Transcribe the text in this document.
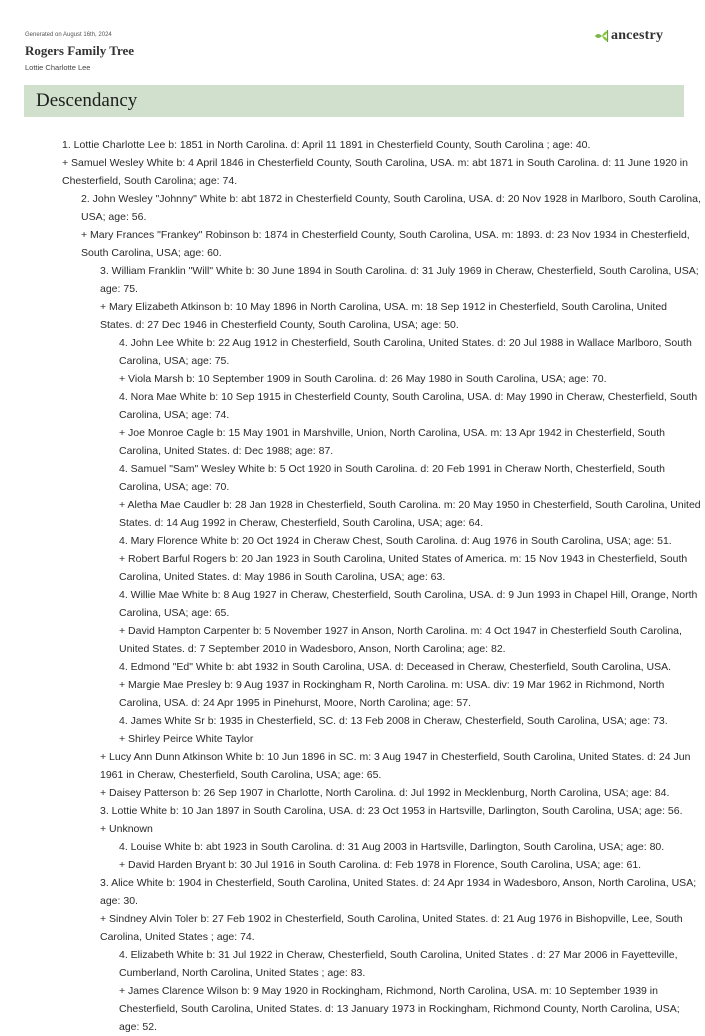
Generated on August 16th, 2024
Rogers Family Tree
Lottie Charlotte Lee
ancestry
Descendancy
1. Lottie Charlotte Lee b: 1851 in North Carolina. d: April 11 1891 in Chesterfield County, South Carolina ; age: 40.
+ Samuel Wesley White b: 4 April 1846 in Chesterfield County, South Carolina, USA. m: abt 1871 in South Carolina. d: 11 June 1920 in Chesterfield, South Carolina; age: 74.
2. John Wesley "Johnny" White b: abt 1872 in Chesterfield County, South Carolina, USA. d: 20 Nov 1928 in Marlboro, South Carolina, USA; age: 56.
+ Mary Frances "Frankey" Robinson b: 1874 in Chesterfield County, South Carolina, USA. m: 1893. d: 23 Nov 1934 in Chesterfield, South Carolina, USA; age: 60.
3. William Franklin "Will" White b: 30 June 1894 in South Carolina. d: 31 July 1969 in Cheraw, Chesterfield, South Carolina, USA; age: 75.
+ Mary Elizabeth Atkinson b: 10 May 1896 in North Carolina, USA. m: 18 Sep 1912 in Chesterfield, South Carolina, United States. d: 27 Dec 1946 in Chesterfield County, South Carolina, USA; age: 50.
4. John Lee White b: 22 Aug 1912 in Chesterfield, South Carolina, United States. d: 20 Jul 1988 in Wallace Marlboro, South Carolina, USA; age: 75.
+ Viola Marsh b: 10 September 1909 in South Carolina. d: 26 May 1980 in South Carolina, USA; age: 70.
4. Nora Mae White b: 10 Sep 1915 in Chesterfield County, South Carolina, USA. d: May 1990 in Cheraw, Chesterfield, South Carolina, USA; age: 74.
+ Joe Monroe Cagle b: 15 May 1901 in Marshville, Union, North Carolina, USA. m: 13 Apr 1942 in Chesterfield, South Carolina, United States. d: Dec 1988; age: 87.
4. Samuel "Sam" Wesley White b: 5 Oct 1920 in South Carolina. d: 20 Feb 1991 in Cheraw North, Chesterfield, South Carolina, USA; age: 70.
+ Aletha Mae Caudler b: 28 Jan 1928 in Chesterfield, South Carolina. m: 20 May 1950 in Chesterfield, South Carolina, United States. d: 14 Aug 1992 in Cheraw, Chesterfield, South Carolina, USA; age: 64.
4. Mary Florence White b: 20 Oct 1924 in Cheraw Chest, South Carolina. d: Aug 1976 in South Carolina, USA; age: 51.
+ Robert Barful Rogers b: 20 Jan 1923 in South Carolina, United States of America. m: 15 Nov 1943 in Chesterfield, South Carolina, United States. d: May 1986 in South Carolina, USA; age: 63.
4. Willie Mae White b: 8 Aug 1927 in Cheraw, Chesterfield, South Carolina, USA. d: 9 Jun 1993 in Chapel Hill, Orange, North Carolina, USA; age: 65.
+ David Hampton Carpenter b: 5 November 1927 in Anson, North Carolina. m: 4 Oct 1947 in Chesterfield South Carolina, United States. d: 7 September 2010 in Wadesboro, Anson, North Carolina; age: 82.
4. Edmond "Ed" White b: abt 1932 in South Carolina, USA. d: Deceased in Cheraw, Chesterfield, South Carolina, USA.
+ Margie Mae Presley b: 9 Aug 1937 in Rockingham R, North Carolina. m: USA. div: 19 Mar 1962 in Richmond, North Carolina, USA. d: 24 Apr 1995 in Pinehurst, Moore, North Carolina; age: 57.
4. James White Sr b: 1935 in Chesterfield, SC. d: 13 Feb 2008 in Cheraw, Chesterfield, South Carolina, USA; age: 73.
+ Shirley Peirce White Taylor
+ Lucy Ann Dunn Atkinson White b: 10 Jun 1896 in SC. m: 3 Aug 1947 in Chesterfield, South Carolina, United States. d: 24 Jun 1961 in Cheraw, Chesterfield, South Carolina, USA; age: 65.
+ Daisey Patterson b: 26 Sep 1907 in Charlotte, North Carolina. d: Jul 1992 in Mecklenburg, North Carolina, USA; age: 84.
3. Lottie White b: 10 Jan 1897 in South Carolina, USA. d: 23 Oct 1953 in Hartsville, Darlington, South Carolina, USA; age: 56.
+ Unknown
4. Louise White b: abt 1923 in South Carolina. d: 31 Aug 2003 in Hartsville, Darlington, South Carolina, USA; age: 80.
+ David Harden Bryant b: 30 Jul 1916 in South Carolina. d: Feb 1978 in Florence, South Carolina, USA; age: 61.
3. Alice White b: 1904 in Chesterfield, South Carolina, United States. d: 24 Apr 1934 in Wadesboro, Anson, North Carolina, USA; age: 30.
+ Sindney Alvin Toler b: 27 Feb 1902 in Chesterfield, South Carolina, United States. d: 21 Aug 1976 in Bishopville, Lee, South Carolina, United States ; age: 74.
4. Elizabeth White b: 31 Jul 1922 in Cheraw, Chesterfield, South Carolina, United States . d: 27 Mar 2006 in Fayetteville, Cumberland, North Carolina, United States ; age: 83.
+ James Clarence Wilson b: 9 May 1920 in Rockingham, Richmond, North Carolina, USA. m: 10 September 1939 in Chesterfield, South Carolina, United States. d: 13 January 1973 in Rockingham, Richmond County, North Carolina, USA; age: 52.
